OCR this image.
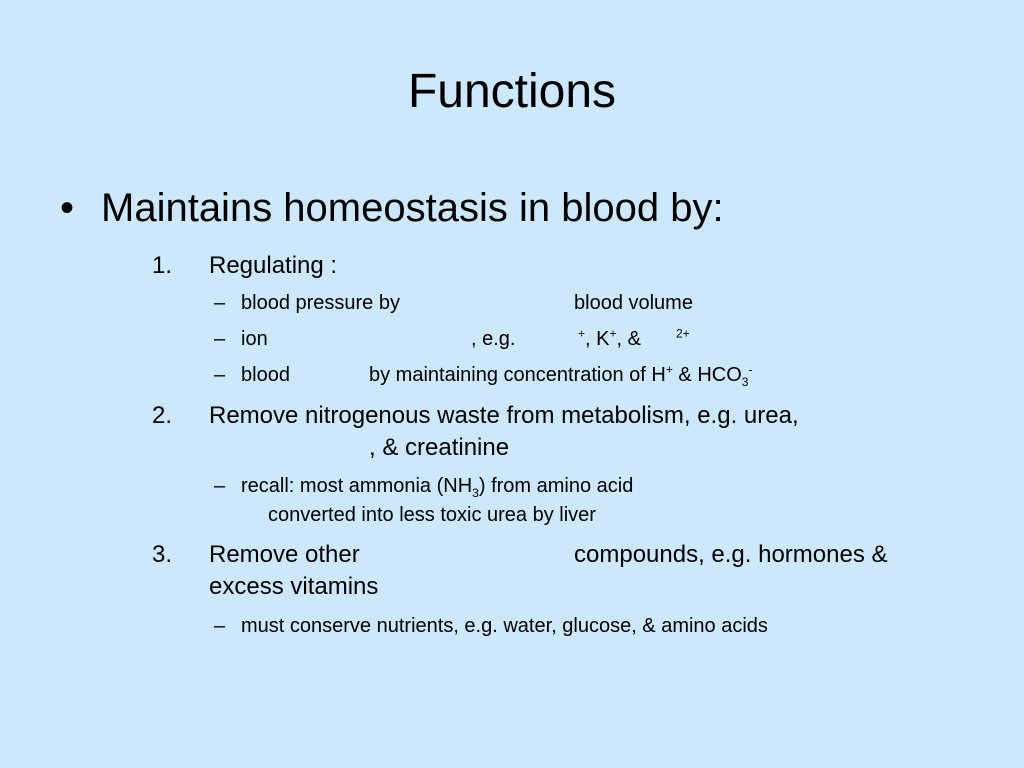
Functions
• Maintains homeostasis in blood by:
1. Regulating :
– blood pressure by	blood volume
– ion	, e.g.	+, K+, &	$^{2+}$
– blood	by maintaining concentration of H+ & $HCO_3^-$
2. Remove nitrogenous waste from metabolism, e.g. urea,
, & creatinine
– recall: most ammonia $(NH_3)$ from amino acid
converted into less toxic urea by liver
3. Remove other	compounds, e.g. hormones &
excess vitamins
– must conserve nutrients, e.g. water, glucose, & amino acids
